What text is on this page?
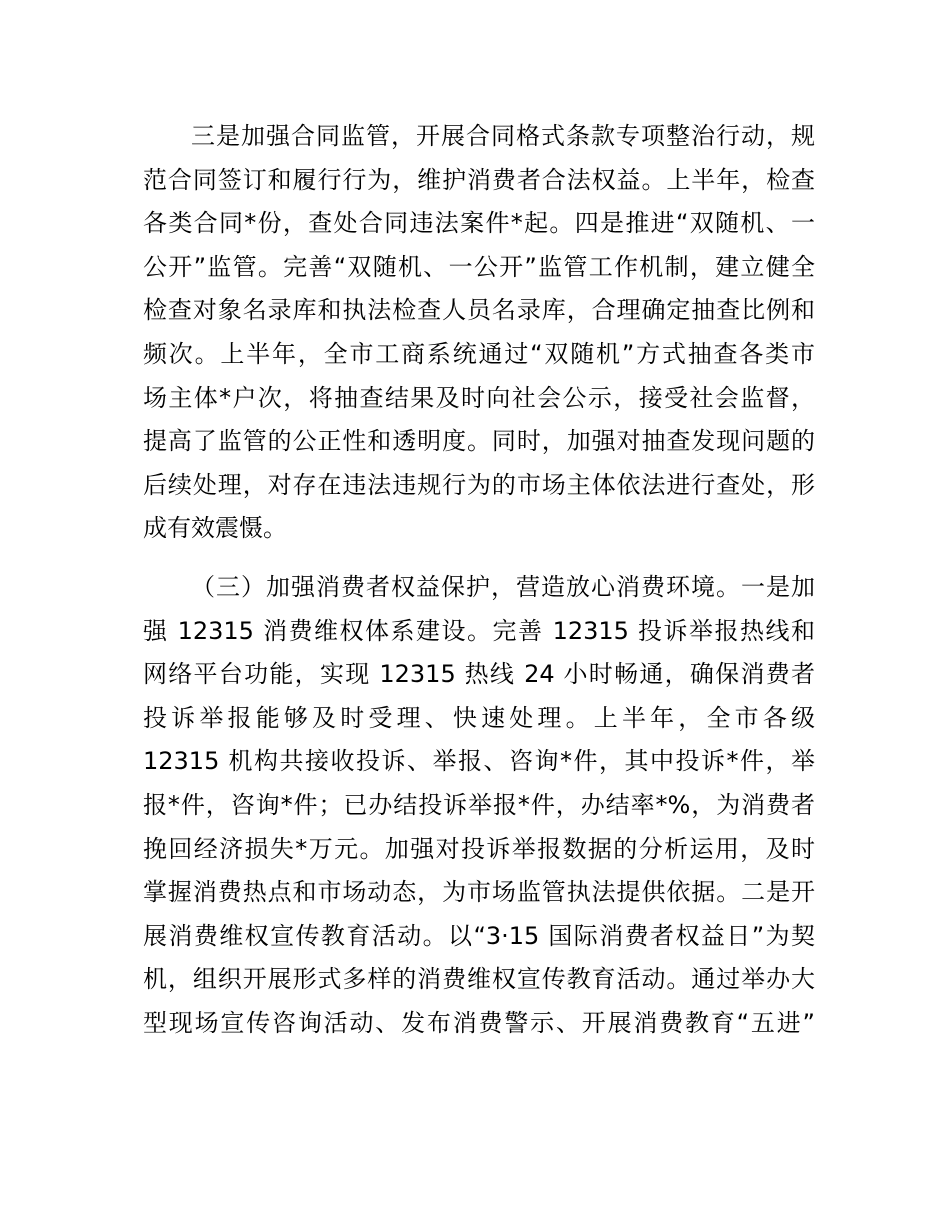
三是加强合同监管，开展合同格式条款专项整治行动，规
范合同签订和履行行为，维护消费者合法权益。上半年，检查
各类合同*份，查处合同违法案件*起。四是推进“双随机、一
公开”监管。完善“双随机、一公开”监管工作机制，建立健全
检查对象名录库和执法检查人员名录库，合理确定抽查比例和
频次。上半年，全市工商系统通过“双随机”方式抽查各类市
场主体*户次，将抽查结果及时向社会公示，接受社会监督，
提高了监管的公正性和透明度。同时，加强对抽查发现问题的
后续处理，对存在违法违规行为的市场主体依法进行查处，形
成有效震慑。
（三）加强消费者权益保护，营造放心消费环境。一是加
强 12315 消费维权体系建设。完善 12315 投诉举报热线和
网络平台功能，实现 12315 热线 24 小时畅通，确保消费者
投诉举报能够及时受理、快速处理。上半年，全市各级
12315 机构共接收投诉、举报、咨询*件，其中投诉*件，举
报*件，咨询*件；已办结投诉举报*件，办结率*%，为消费者
挽回经济损失*万元。加强对投诉举报数据的分析运用，及时
掌握消费热点和市场动态，为市场监管执法提供依据。二是开
展消费维权宣传教育活动。以“3·15 国际消费者权益日”为契
机，组织开展形式多样的消费维权宣传教育活动。通过举办大
型现场宣传咨询活动、发布消费警示、开展消费教育“五进”
